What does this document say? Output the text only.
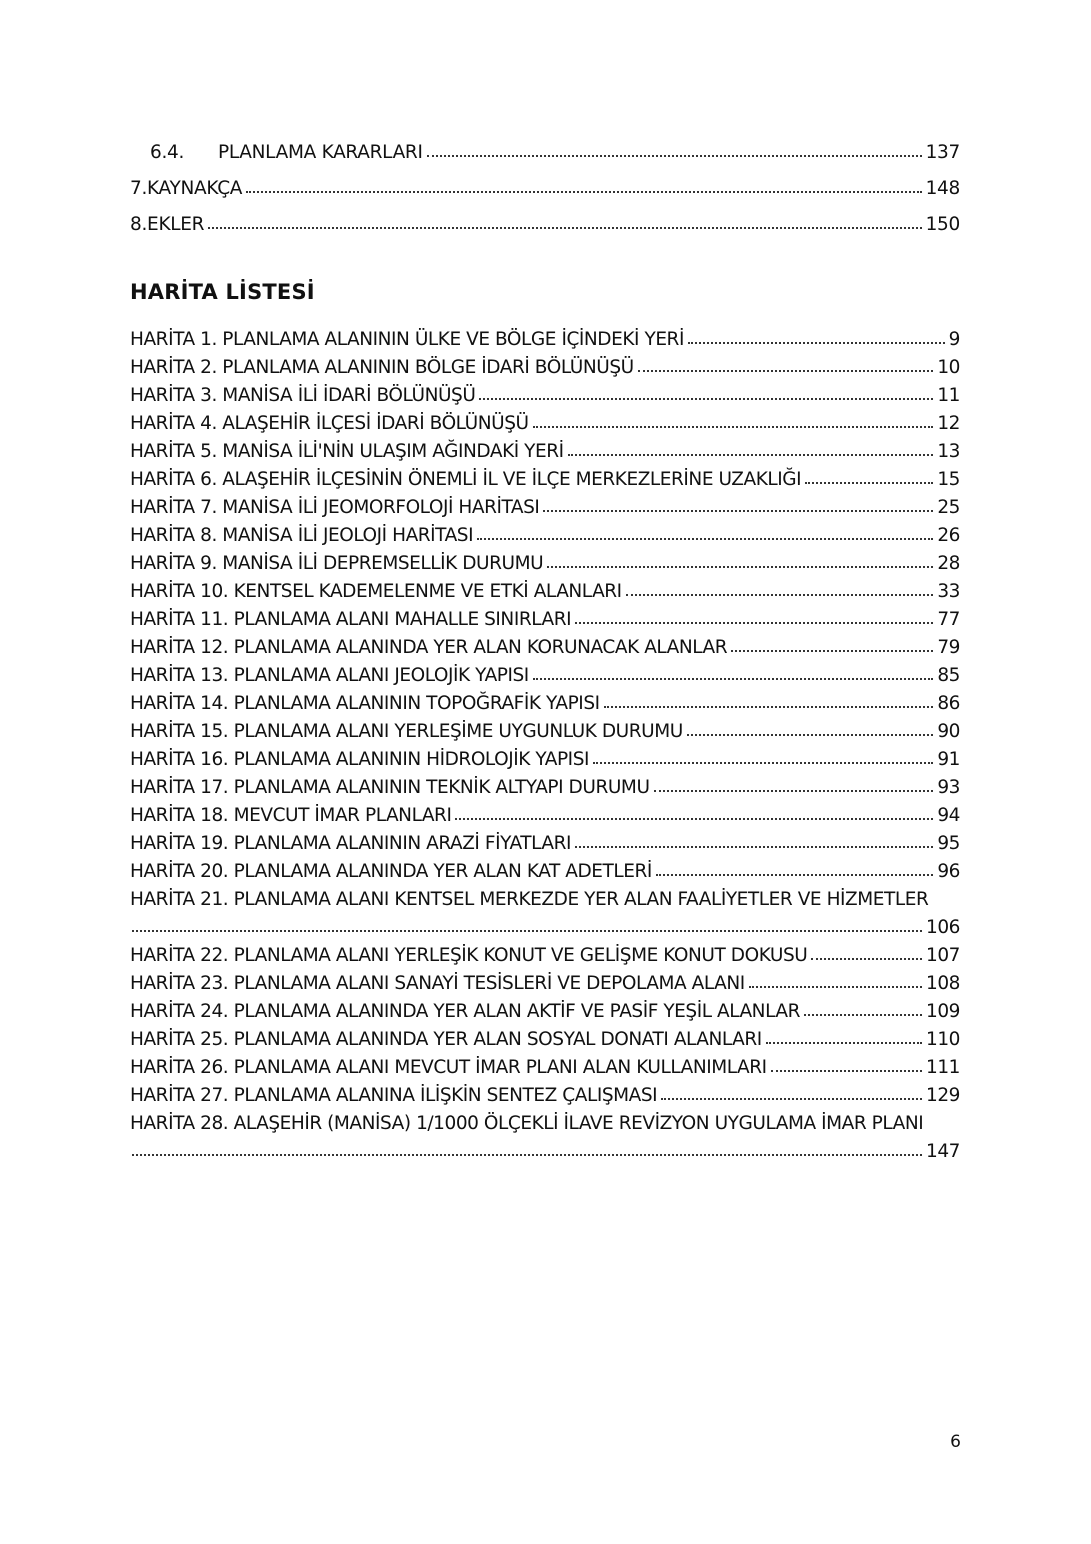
6.4.	PLANLAMA KARARLARI	137
7.KAYNAKÇA	148
8.EKLER	150
HARİTA LİSTESİ
HARİTA 1. PLANLAMA ALANININ ÜLKE VE BÖLGE İÇİNDEKİ YERİ	9
HARİTA 2. PLANLAMA ALANININ BÖLGE İDARİ BÖLÜNÜŞÜ	10
HARİTA 3. MANİSA İLİ İDARİ BÖLÜNÜŞÜ	11
HARİTA 4. ALAŞEHİR İLÇESİ İDARİ BÖLÜNÜŞÜ	12
HARİTA 5. MANİSA İLİ'NİN ULAŞIM AĞINDAKİ YERİ	13
HARİTA 6. ALAŞEHİR İLÇESİNİN ÖNEMLİ İL VE İLÇE MERKEZLERİNE UZAKLIĞI	15
HARİTA 7. MANİSA İLİ JEOMORFOLOJİ HARİTASI	25
HARİTA 8. MANİSA İLİ JEOLOJİ HARİTASI	26
HARİTA 9. MANİSA İLİ DEPREMSELLİK DURUMU	28
HARİTA 10. KENTSEL KADEMELENME VE ETKİ ALANLARI	33
HARİTA 11. PLANLAMA ALANI MAHALLE SINIRLARI	77
HARİTA 12. PLANLAMA ALANINDA YER ALAN KORUNACAK ALANLAR	79
HARİTA 13. PLANLAMA ALANI JEOLOJİK YAPISI	85
HARİTA 14. PLANLAMA ALANININ TOPOĞRAFİK YAPISI	86
HARİTA 15. PLANLAMA ALANI YERLEŞİME UYGUNLUK DURUMU	90
HARİTA 16. PLANLAMA ALANININ HİDROLOJİK YAPISI	91
HARİTA 17. PLANLAMA ALANININ TEKNİK ALTYAPI DURUMU	93
HARİTA 18. MEVCUT İMAR PLANLARI	94
HARİTA 19. PLANLAMA ALANININ ARAZİ FİYATLARI	95
HARİTA 20. PLANLAMA ALANINDA YER ALAN KAT ADETLERİ	96
HARİTA 21. PLANLAMA ALANI KENTSEL MERKEZDE YER ALAN FAALİYETLER VE HİZMETLER
106
HARİTA 22. PLANLAMA ALANI YERLEŞİK KONUT VE GELİŞME KONUT DOKUSU	107
HARİTA 23. PLANLAMA ALANI SANAYİ TESİSLERİ VE DEPOLAMA ALANI	108
HARİTA 24. PLANLAMA ALANINDA YER ALAN AKTİF VE PASİF YEŞİL ALANLAR	109
HARİTA 25. PLANLAMA ALANINDA YER ALAN SOSYAL DONATI ALANLARI	110
HARİTA 26. PLANLAMA ALANI MEVCUT İMAR PLANI ALAN KULLANIMLARI	111
HARİTA 27. PLANLAMA ALANINA İLİŞKİN SENTEZ ÇALIŞMASI	129
HARİTA 28. ALAŞEHİR (MANİSA) 1/1000 ÖLÇEKLİ İLAVE REVİZYON UYGULAMA İMAR PLANI
147
6
